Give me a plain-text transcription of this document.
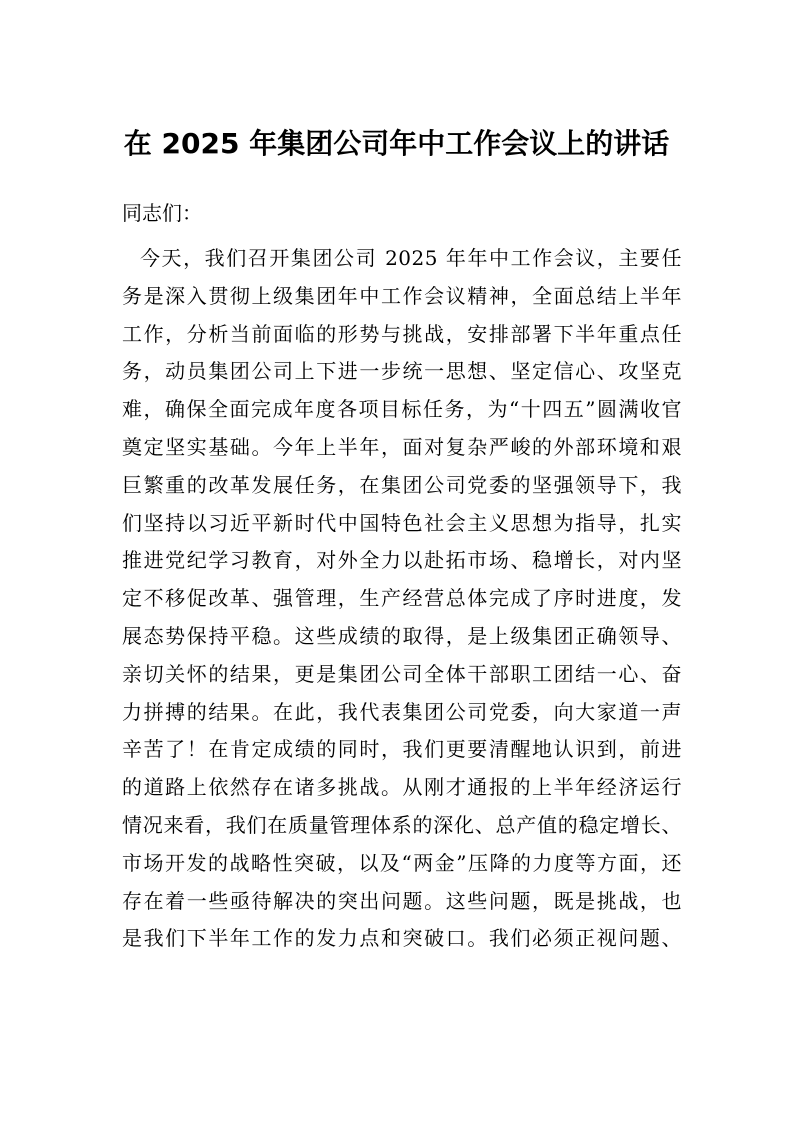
在 2025 年集团公司年中工作会议上的讲话

同志们：

今天，我们召开集团公司 2025 年年中工作会议，主要任
务是深入贯彻上级集团年中工作会议精神，全面总结上半年
工作，分析当前面临的形势与挑战，安排部署下半年重点任
务，动员集团公司上下进一步统一思想、坚定信心、攻坚克
难，确保全面完成年度各项目标任务，为“十四五”圆满收官
奠定坚实基础。今年上半年，面对复杂严峻的外部环境和艰
巨繁重的改革发展任务，在集团公司党委的坚强领导下，我
们坚持以习近平新时代中国特色社会主义思想为指导，扎实
推进党纪学习教育，对外全力以赴拓市场、稳增长，对内坚
定不移促改革、强管理，生产经营总体完成了序时进度，发
展态势保持平稳。这些成绩的取得，是上级集团正确领导、
亲切关怀的结果，更是集团公司全体干部职工团结一心、奋
力拼搏的结果。在此，我代表集团公司党委，向大家道一声
辛苦了！在肯定成绩的同时，我们更要清醒地认识到，前进
的道路上依然存在诸多挑战。从刚才通报的上半年经济运行
情况来看，我们在质量管理体系的深化、总产值的稳定增长、
市场开发的战略性突破，以及“两金”压降的力度等方面，还
存在着一些亟待解决的突出问题。这些问题，既是挑战，也
是我们下半年工作的发力点和突破口。我们必须正视问题、
